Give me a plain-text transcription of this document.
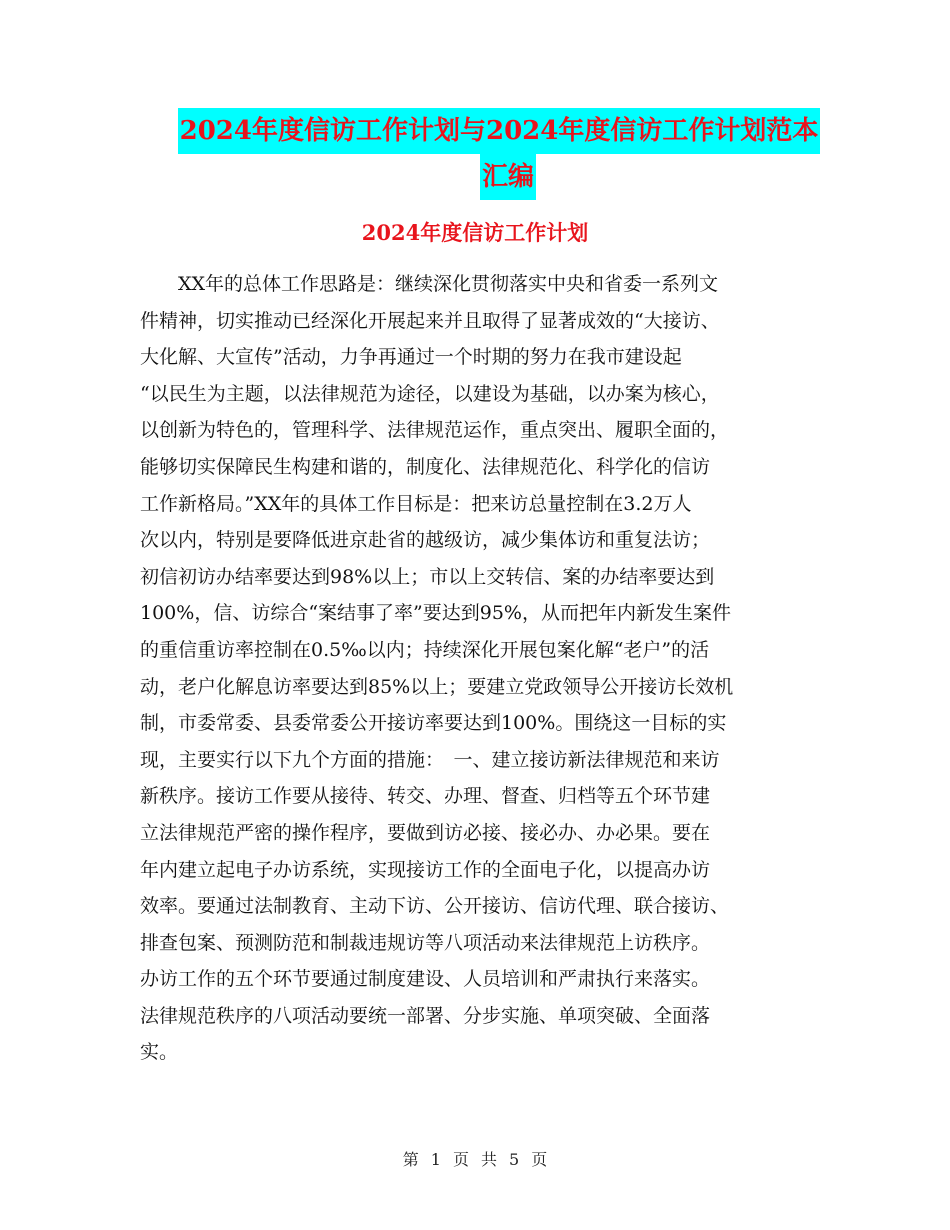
2024年度信访工作计划与2024年度信访工作计划范本
汇编
2024年度信访工作计划
　　XX年的总体工作思路是：继续深化贯彻落实中央和省委一系列文
件精神，切实推动已经深化开展起来并且取得了显著成效的“大接访、
大化解、大宣传”活动，力争再通过一个时期的努力在我市建设起
“以民生为主题，以法律规范为途径，以建设为基础，以办案为核心，
以创新为特色的，管理科学、法律规范运作，重点突出、履职全面的，
能够切实保障民生构建和谐的，制度化、法律规范化、科学化的信访
工作新格局。”XX年的具体工作目标是：把来访总量控制在3.2万人
次以内，特别是要降低进京赴省的越级访，减少集体访和重复法访；
初信初访办结率要达到98%以上；市以上交转信、案的办结率要达到
100%，信、访综合“案结事了率”要达到95%，从而把年内新发生案件
的重信重访率控制在0.5‰以内；持续深化开展包案化解“老户”的活
动，老户化解息访率要达到85%以上；要建立党政领导公开接访长效机
制，市委常委、县委常委公开接访率要达到100%。围绕这一目标的实
现，主要实行以下九个方面的措施：　一、建立接访新法律规范和来访
新秩序。接访工作要从接待、转交、办理、督查、归档等五个环节建
立法律规范严密的操作程序，要做到访必接、接必办、办必果。要在
年内建立起电子办访系统，实现接访工作的全面电子化，以提高办访
效率。要通过法制教育、主动下访、公开接访、信访代理、联合接访、
排查包案、预测防范和制裁违规访等八项活动来法律规范上访秩序。
办访工作的五个环节要通过制度建设、人员培训和严肃执行来落实。
法律规范秩序的八项活动要统一部署、分步实施、单项突破、全面落
实。
第 1 页 共 5 页
